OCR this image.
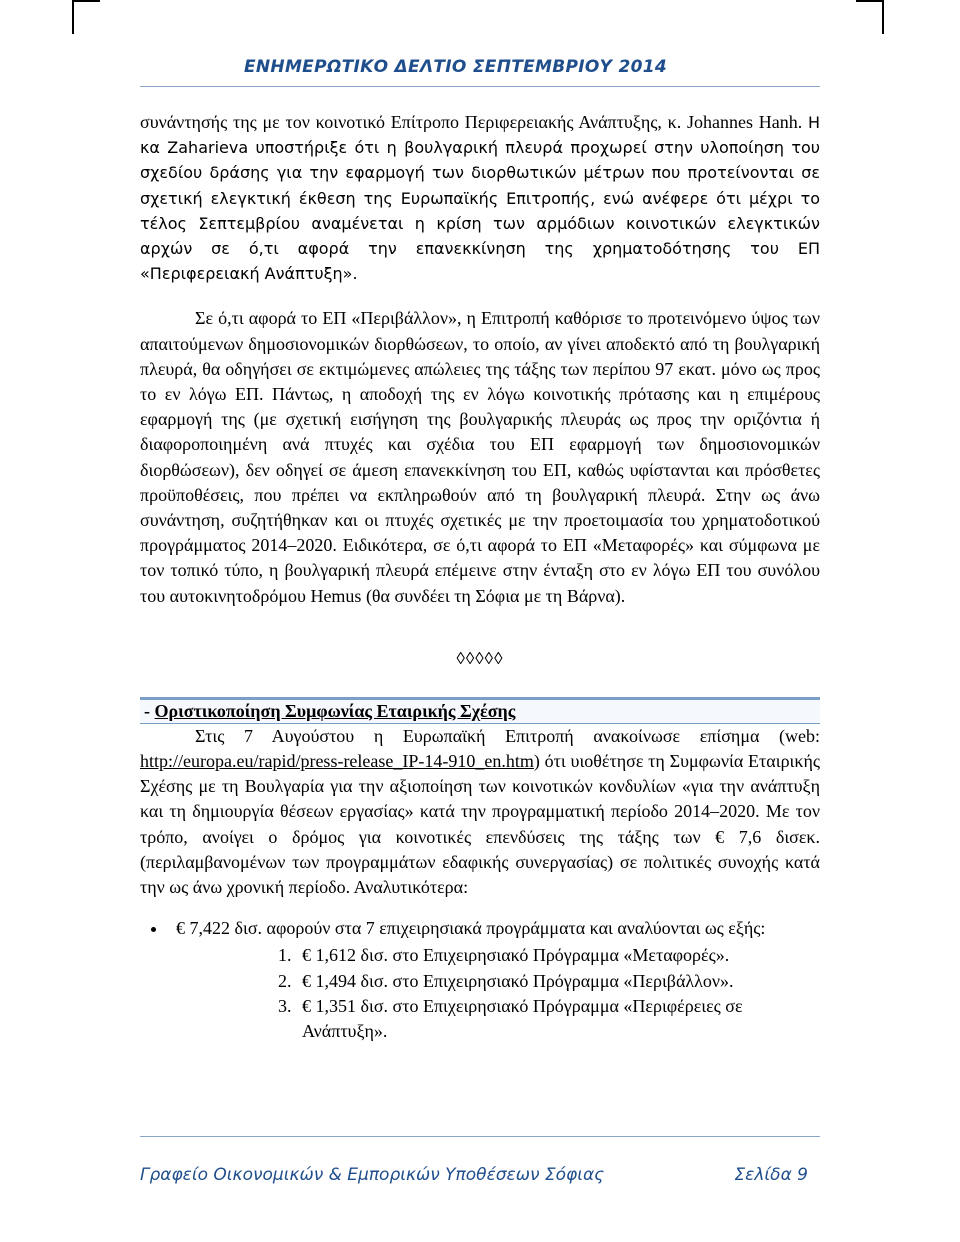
ΕΝΗΜΕΡΩΤΙΚΟ ΔΕΛΤΙΟ ΣΕΠΤΕΜΒΡΙΟΥ 2014

συνάντησής της με τον κοινοτικό Επίτροπο Περιφερειακής Ανάπτυξης, κ. Johannes Hanh. Η κα Zaharieva υποστήριξε ότι η βουλγαρική πλευρά προχωρεί στην υλοποίηση του σχεδίου δράσης για την εφαρμογή των διορθωτικών μέτρων που προτείνονται σε σχετική ελεγκτική έκθεση της Ευρωπαϊκής Επιτροπής, ενώ ανέφερε ότι μέχρι το τέλος Σεπτεμβρίου αναμένεται η κρίση των αρμόδιων κοινοτικών ελεγκτικών αρχών σε ό,τι αφορά την επανεκκίνηση της χρηματοδότησης του ΕΠ «Περιφερειακή Ανάπτυξη».

Σε ό,τι αφορά το ΕΠ «Περιβάλλον», η Επιτροπή καθόρισε το προτεινόμενο ύψος των απαιτούμενων δημοσιονομικών διορθώσεων, το οποίο, αν γίνει αποδεκτό από τη βουλγαρική πλευρά, θα οδηγήσει σε εκτιμώμενες απώλειες της τάξης των περίπου 97 εκατ. μόνο ως προς το εν λόγω ΕΠ. Πάντως, η αποδοχή της εν λόγω κοινοτικής πρότασης και η επιμέρους εφαρμογή της (με σχετική εισήγηση της βουλγαρικής πλευράς ως προς την οριζόντια ή διαφοροποιημένη ανά πτυχές και σχέδια του ΕΠ εφαρμογή των δημοσιονομικών διορθώσεων), δεν οδηγεί σε άμεση επανεκκίνηση του ΕΠ, καθώς υφίστανται και πρόσθετες προϋποθέσεις, που πρέπει να εκπληρωθούν από τη βουλγαρική πλευρά. Στην ως άνω συνάντηση, συζητήθηκαν και οι πτυχές σχετικές με την προετοιμασία του χρηματοδοτικού προγράμματος 2014–2020. Ειδικότερα, σε ό,τι αφορά το ΕΠ «Μεταφορές» και σύμφωνα με τον τοπικό τύπο, η βουλγαρική πλευρά επέμεινε στην ένταξη στο εν λόγω ΕΠ του συνόλου του αυτοκινητοδρόμου Hemus (θα συνδέει τη Σόφια με τη Βάρνα).

◊◊◊◊◊
- Οριστικοποίηση Συμφωνίας Εταιρικής Σχέσης

Στις 7 Αυγούστου η Ευρωπαϊκή Επιτροπή ανακοίνωσε επίσημα (web: http://europa.eu/rapid/press-release_IP-14-910_en.htm) ότι υιοθέτησε τη Συμφωνία Εταιρικής Σχέσης με τη Βουλγαρία για την αξιοποίηση των κοινοτικών κονδυλίων «για την ανάπτυξη και τη δημιουργία θέσεων εργασίας» κατά την προγραμματική περίοδο 2014–2020. Με τον τρόπο, ανοίγει ο δρόμος για κοινοτικές επενδύσεις της τάξης των € 7,6 δισεκ. (περιλαμβανομένων των προγραμμάτων εδαφικής συνεργασίας) σε πολιτικές συνοχής κατά την ως άνω χρονική περίοδο. Αναλυτικότερα:

• € 7,422 δισ. αφορούν στα 7 επιχειρησιακά προγράμματα και αναλύονται ως εξής:
1. € 1,612 δισ. στο Επιχειρησιακό Πρόγραμμα «Μεταφορές».
2. € 1,494 δισ. στο Επιχειρησιακό Πρόγραμμα «Περιβάλλον».
3. € 1,351 δισ. στο Επιχειρησιακό Πρόγραμμα «Περιφέρειες σε Ανάπτυξη».
Γραφείο Οικονομικών & Εμπορικών Υποθέσεων Σόφιας	Σελίδα 9
